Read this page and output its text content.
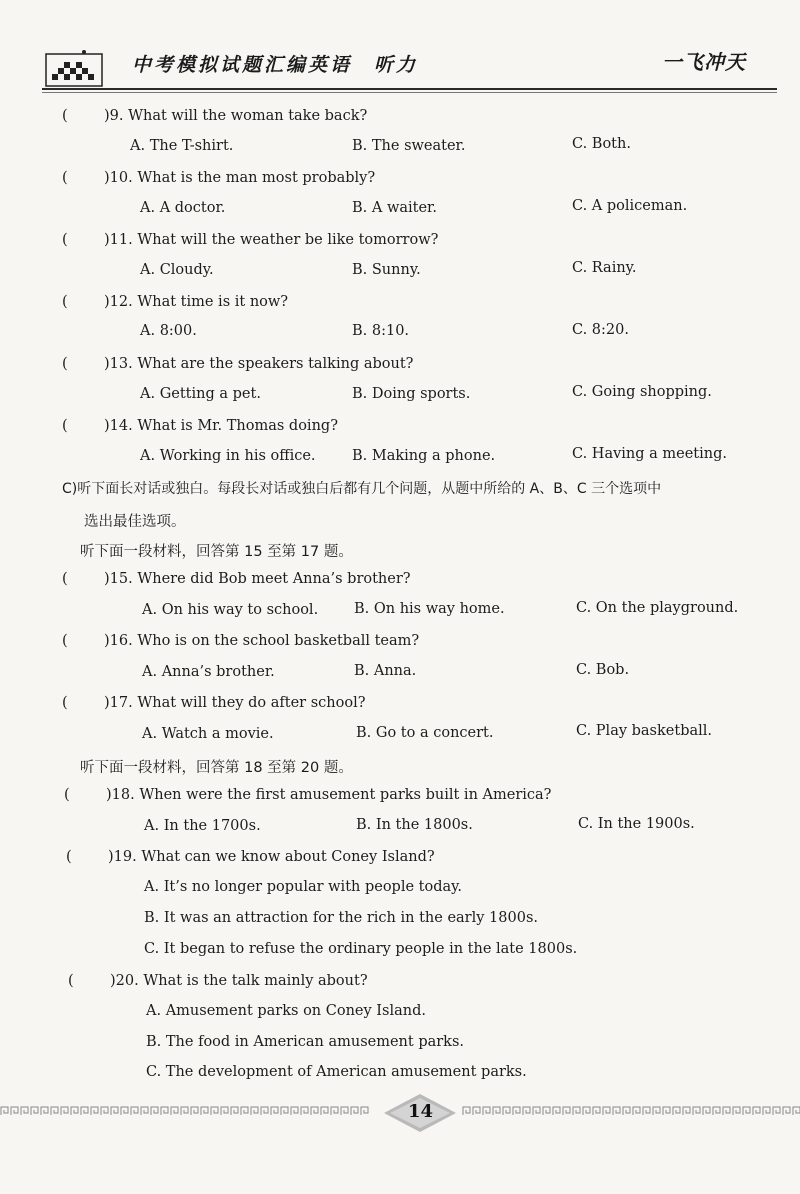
中考模拟试题汇编英语　听力	一飞冲天
(	)9. What will the woman take back?
A. The T-shirt.	B. The sweater.	C. Both.
(	)10. What is the man most probably?
A. A doctor.	B. A waiter.	C. A policeman.
(	)11. What will the weather be like tomorrow?
A. Cloudy.	B. Sunny.	C. Rainy.
(	)12. What time is it now?
A. 8:00.	B. 8:10.	C. 8:20.
(	)13. What are the speakers talking about?
A. Getting a pet.	B. Doing sports.	C. Going shopping.
(	)14. What is Mr. Thomas doing?
A. Working in his office.	B. Making a phone.	C. Having a meeting.
C)听下面长对话或独白。每段长对话或独白后都有几个问题，从题中所给的 A、B、C 三个选项中
选出最佳选项。
听下面一段材料，回答第 15 至第 17 题。
(	)15. Where did Bob meet Anna’s brother?
A. On his way to school. B. On his way home.	C. On the playground.
(	)16. Who is on the school basketball team?
A. Anna’s brother.	B. Anna.	C. Bob.
(	)17. What will they do after school?
A. Watch a movie.	B. Go to a concert.	C. Play basketball.
听下面一段材料，回答第 18 至第 20 题。
(	)18. When were the first amusement parks built in America?
A. In the 1700s.	B. In the 1800s.	C. In the 1900s.
(	)19. What can we know about Coney Island?
A. It’s no longer popular with people today.
B. It was an attraction for the rich in the early 1800s.
C. It began to refuse the ordinary people in the late 1800s.
(	)20. What is the talk mainly about?
A. Amusement parks on Coney Island.
B. The food in American amusement parks.
C. The development of American amusement parks.
14
